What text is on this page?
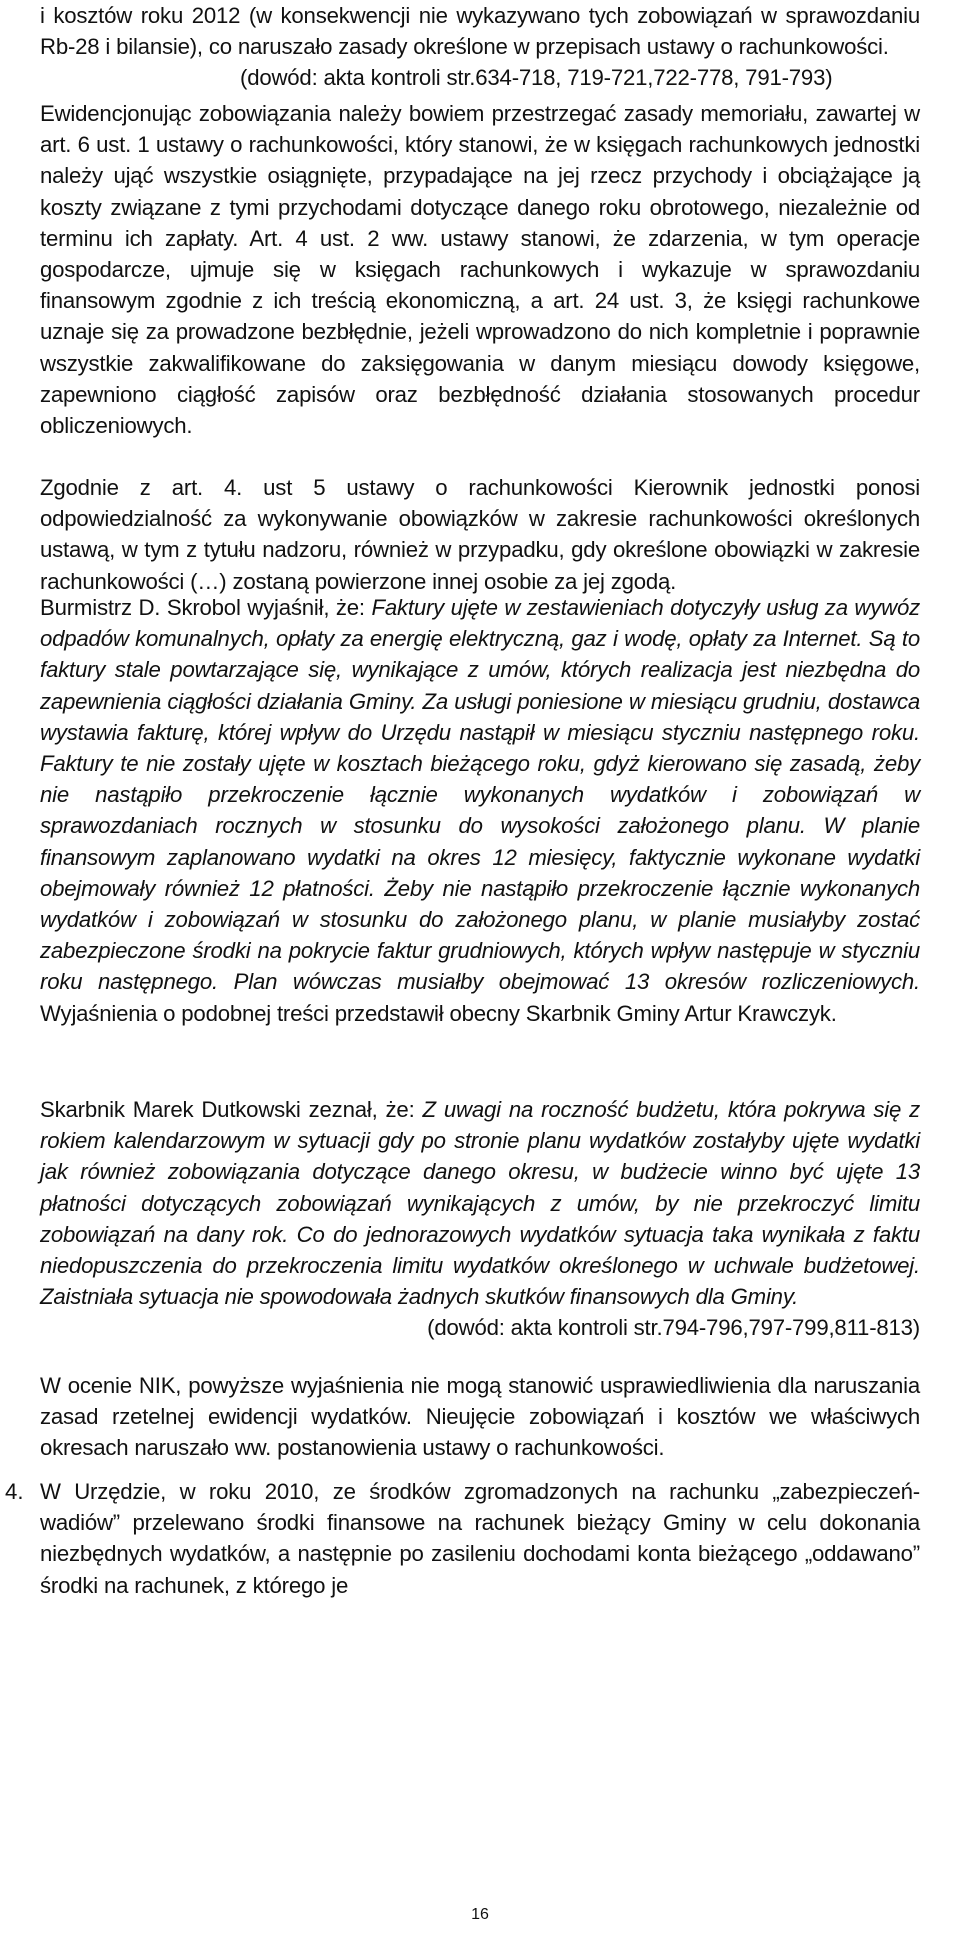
i kosztów roku 2012 (w konsekwencji nie wykazywano tych zobowiązań w sprawozdaniu Rb-28 i bilansie), co naruszało zasady określone w przepisach ustawy o rachunkowości.

(dowód: akta kontroli str.634-718, 719-721,722-778, 791-793)

Ewidencjonując zobowiązania należy bowiem przestrzegać zasady memoriału, zawartej w art. 6 ust. 1 ustawy o rachunkowości, który stanowi, że w księgach rachunkowych jednostki należy ująć wszystkie osiągnięte, przypadające na jej rzecz przychody i obciążające ją koszty związane z tymi przychodami dotyczące danego roku obrotowego, niezależnie od terminu ich zapłaty. Art. 4 ust. 2 ww. ustawy stanowi, że zdarzenia, w tym operacje gospodarcze, ujmuje się w księgach rachunkowych i wykazuje w sprawozdaniu finansowym zgodnie z ich treścią ekonomiczną, a art. 24 ust. 3, że księgi rachunkowe uznaje się za prowadzone bezbłędnie, jeżeli wprowadzono do nich kompletnie i poprawnie wszystkie zakwalifikowane do zaksięgowania w danym miesiącu dowody księgowe, zapewniono ciągłość zapisów oraz bezbłędność działania stosowanych procedur obliczeniowych.

Zgodnie z art. 4. ust 5 ustawy o rachunkowości Kierownik jednostki ponosi odpowiedzialność za wykonywanie obowiązków w zakresie rachunkowości określonych ustawą, w tym z tytułu nadzoru, również w przypadku, gdy określone obowiązki w zakresie rachunkowości (…) zostaną powierzone innej osobie za jej zgodą.

Burmistrz D. Skrobol wyjaśnił, że: Faktury ujęte w zestawieniach dotyczyły usług za wywóz odpadów komunalnych, opłaty za energię elektryczną, gaz i wodę, opłaty za Internet. Są to faktury stale powtarzające się, wynikające z umów, których realizacja jest niezbędna do zapewnienia ciągłości działania Gminy. Za usługi poniesione w miesiącu grudniu, dostawca wystawia fakturę, której wpływ do Urzędu nastąpił w miesiącu styczniu następnego roku. Faktury te nie zostały ujęte w kosztach bieżącego roku, gdyż kierowano się zasadą, żeby nie nastąpiło przekroczenie łącznie wykonanych wydatków i zobowiązań w sprawozdaniach rocznych w stosunku do wysokości założonego planu. W planie finansowym zaplanowano wydatki na okres 12 miesięcy, faktycznie wykonane wydatki obejmowały również 12 płatności. Żeby nie nastąpiło przekroczenie łącznie wykonanych wydatków i zobowiązań w stosunku do założonego planu, w planie musiałyby zostać zabezpieczone środki na pokrycie faktur grudniowych, których wpływ następuje w styczniu roku następnego. Plan wówczas musiałby obejmować 13 okresów rozliczeniowych. Wyjaśnienia o podobnej treści przedstawił obecny Skarbnik Gminy Artur Krawczyk.

Skarbnik Marek Dutkowski zeznał, że: Z uwagi na roczność budżetu, która pokrywa się z rokiem kalendarzowym w sytuacji gdy po stronie planu wydatków zostałyby ujęte wydatki jak również zobowiązania dotyczące danego okresu, w budżecie winno być ujęte 13 płatności dotyczących zobowiązań wynikających z umów, by nie przekroczyć limitu zobowiązań na dany rok. Co do jednorazowych wydatków sytuacja taka wynikała z faktu niedopuszczenia do przekroczenia limitu wydatków określonego w uchwale budżetowej. Zaistniała sytuacja nie spowodowała żadnych skutków finansowych dla Gminy.

(dowód: akta kontroli str.794-796,797-799,811-813)

W ocenie NIK, powyższe wyjaśnienia nie mogą stanowić usprawiedliwienia dla naruszania zasad rzetelnej ewidencji wydatków. Nieujęcie zobowiązań i kosztów we właściwych okresach naruszało ww. postanowienia ustawy o rachunkowości.

4. W Urzędzie, w roku 2010, ze środków zgromadzonych na rachunku „zabezpieczeń-wadiów” przelewano środki finansowe na rachunek bieżący Gminy w celu dokonania niezbędnych wydatków, a następnie po zasileniu dochodami konta bieżącego „oddawano” środki na rachunek, z którego je

16
